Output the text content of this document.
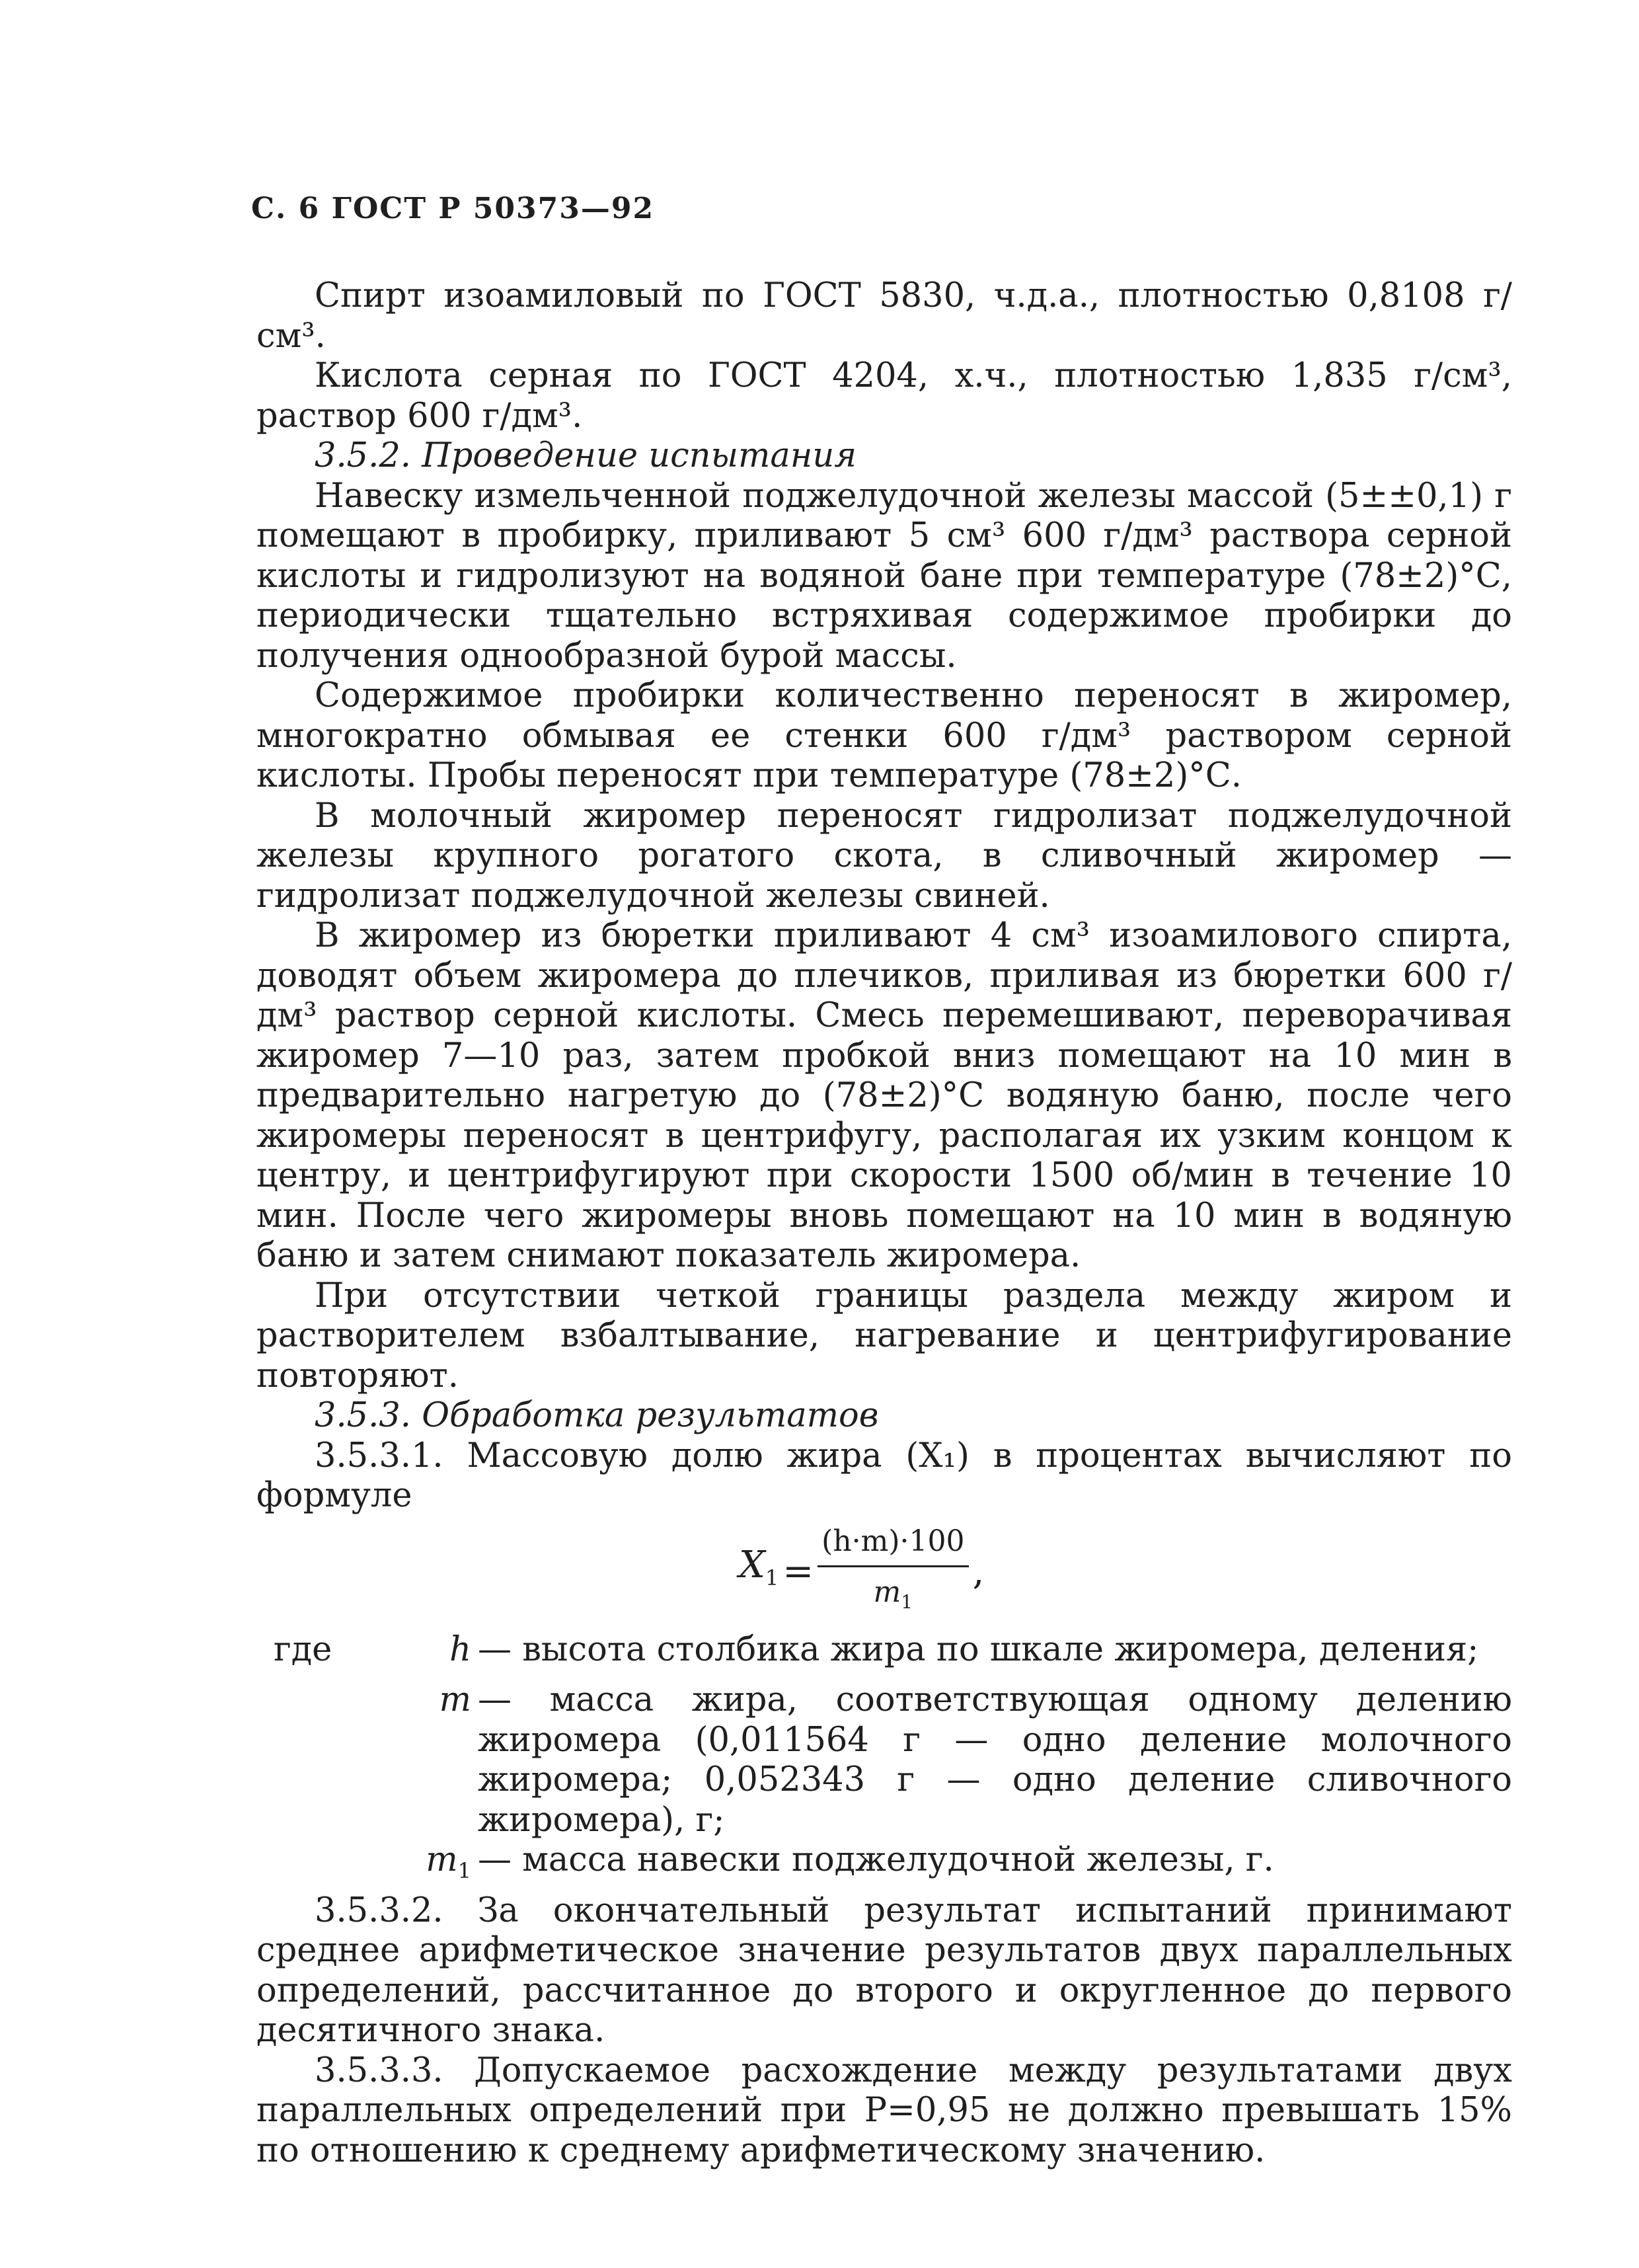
С. 6 ГОСТ Р 50373—92

Спирт изоамиловый по ГОСТ 5830, ч.д.а., плотностью 0,8108 г/см³.

Кислота серная по ГОСТ 4204, х.ч., плотностью 1,835 г/см³, раствор 600 г/дм³.

3.5.2. Проведение испытания

Навеску измельченной поджелудочной железы массой (5±±0,1) г помещают в пробирку, приливают 5 см³ 600 г/дм³ раствора серной кислоты и гидролизуют на водяной бане при температуре (78±2)°С, периодически тщательно встряхивая содержимое пробирки до получения однообразной бурой массы.

Содержимое пробирки количественно переносят в жиромер, многократно обмывая ее стенки 600 г/дм³ раствором серной кислоты. Пробы переносят при температуре (78±2)°С.

В молочный жиромер переносят гидролизат поджелудочной железы крупного рогатого скота, в сливочный жиромер — гидролизат поджелудочной железы свиней.

В жиромер из бюретки приливают 4 см³ изоамилового спирта, доводят объем жиромера до плечиков, приливая из бюретки 600 г/дм³ раствор серной кислоты. Смесь перемешивают, переворачивая жиромер 7—10 раз, затем пробкой вниз помещают на 10 мин в предварительно нагретую до (78±2)°С водяную баню, после чего жиромеры переносят в центрифугу, располагая их узким концом к центру, и центрифугируют при скорости 1500 об/мин в течение 10 мин. После чего жиромеры вновь помещают на 10 мин в водяную баню и затем снимают показатель жиромера.

При отсутствии четкой границы раздела между жиром и растворителем взбалтывание, нагревание и центрифугирование повторяют.

3.5.3. Обработка результатов

3.5.3.1. Массовую долю жира (X₁) в процентах вычисляют по формуле

$X_1 = \frac{(h\cdot m)\cdot 100}{m_1}$ ,
где	h — высота столбика жира по шкале жиромера, деления;
m — масса жира, соответствующая одному делению жиромера (0,011564 г — одно деление молочного жиромера; 0,052343 г — одно деление сливочного жиромера), г;
$m_1$ — масса навески поджелудочной железы, г.

3.5.3.2. За окончательный результат испытаний принимают среднее арифметическое значение результатов двух параллельных определений, рассчитанное до второго и округленное до первого десятичного знака.

3.5.3.3. Допускаемое расхождение между результатами двух параллельных определений при P=0,95 не должно превышать 15% по отношению к среднему арифметическому значению.
